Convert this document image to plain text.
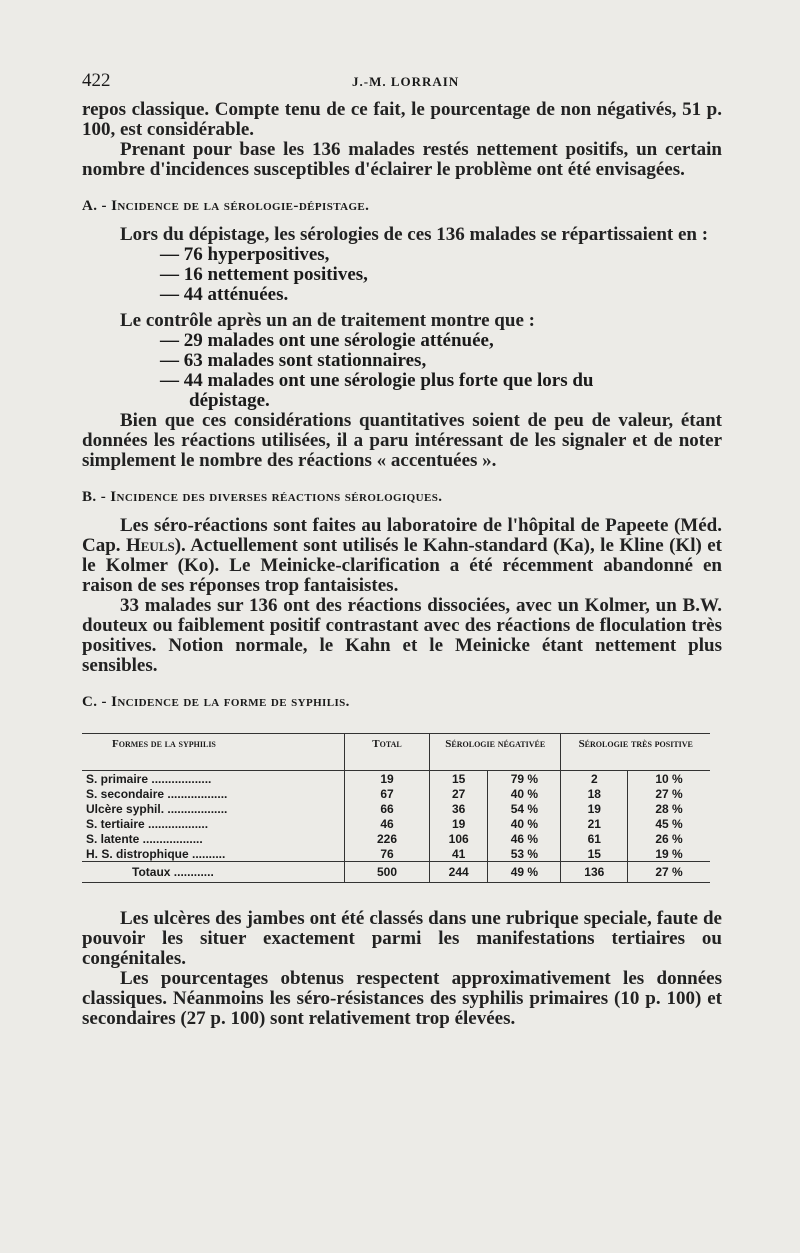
422	J.-M. LORRAIN

repos classique. Compte tenu de ce fait, le pourcentage de non négativés, 51 p. 100, est considérable.

Prenant pour base les 136 malades restés nettement positifs, un certain nombre d'incidences susceptibles d'éclairer le problème ont été envisagées.

A. - Incidence de la sérologie-dépistage.

Lors du dépistage, les sérologies de ces 136 malades se répartissaient en :

— 76 hyperpositives,
— 16 nettement positives,
— 44 atténuées.

Le contrôle après un an de traitement montre que :

— 29 malades ont une sérologie atténuée,
— 63 malades sont stationnaires,
— 44 malades ont une sérologie plus forte que lors du
dépistage.

Bien que ces considérations quantitatives soient de peu de valeur, étant données les réactions utilisées, il a paru intéressant de les signaler et de noter simplement le nombre des réactions « accentuées ».

B. - Incidence des diverses réactions sérologiques.

Les séro-réactions sont faites au laboratoire de l'hôpital de Papeete (Méd. Cap. Heuls). Actuellement sont utilisés le Kahn-standard (Ka), le Kline (Kl) et le Kolmer (Ko). Le Meinicke-clarification a été récemment abandonné en raison de ses réponses trop fantaisistes.

33 malades sur 136 ont des réactions dissociées, avec un Kolmer, un B.W. douteux ou faiblement positif contrastant avec des réactions de floculation très positives. Notion normale, le Kahn et le Meinicke étant nettement plus sensibles.

C. - Incidence de la forme de syphilis.
Formes de la syphilis	Total	Sérologie négativée		Sérologie très positive	

S. primaire ..................	19	15	79 %	2	10 %
S. secondaire ..................	67	27	40 %	18	27 %
Ulcère syphil. ..................	66	36	54 %	19	28 %
S. tertiaire ..................	46	19	40 %	21	45 %
S. latente ..................	226	106	46 %	61	26 %
H. S. distrophique ..........	76	41	53 %	15	19 %
Totaux ............	500	244	49 %	136	27 %

Les ulcères des jambes ont été classés dans une rubrique speciale, faute de pouvoir les situer exactement parmi les manifestations tertiaires ou congénitales.

Les pourcentages obtenus respectent approximativement les données classiques. Néanmoins les séro-résistances des syphilis primaires (10 p. 100) et secondaires (27 p. 100) sont relativement trop élevées.
